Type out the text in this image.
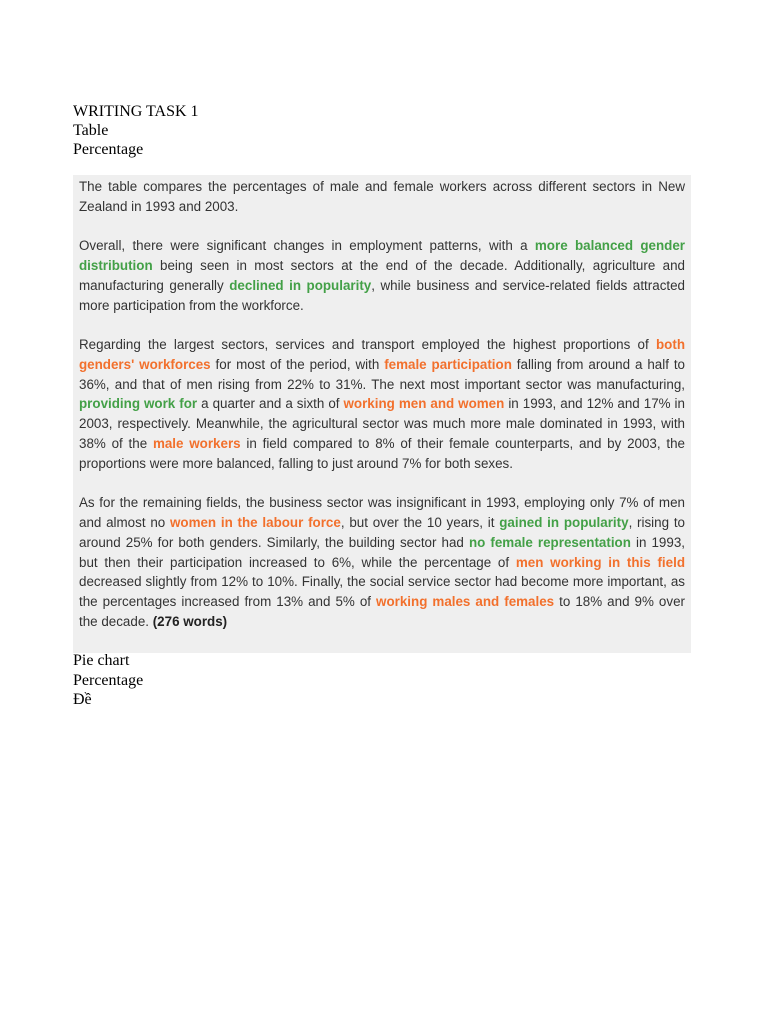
WRITING TASK 1
Table
Percentage

The table compares the percentages of male and female workers across different sectors in New Zealand in 1993 and 2003.

Overall, there were significant changes in employment patterns, with a more balanced gender distribution being seen in most sectors at the end of the decade. Additionally, agriculture and manufacturing generally declined in popularity, while business and service-related fields attracted more participation from the workforce.

Regarding the largest sectors, services and transport employed the highest proportions of both genders' workforces for most of the period, with female participation falling from around a half to 36%, and that of men rising from 22% to 31%. The next most important sector was manufacturing, providing work for a quarter and a sixth of working men and women in 1993, and 12% and 17% in 2003, respectively. Meanwhile, the agricultural sector was much more male dominated in 1993, with 38% of the male workers in field compared to 8% of their female counterparts, and by 2003, the proportions were more balanced, falling to just around 7% for both sexes.

As for the remaining fields, the business sector was insignificant in 1993, employing only 7% of men and almost no women in the labour force, but over the 10 years, it gained in popularity, rising to around 25% for both genders. Similarly, the building sector had no female representation in 1993, but then their participation increased to 6%, while the percentage of men working in this field decreased slightly from 12% to 10%. Finally, the social service sector had become more important, as the percentages increased from 13% and 5% of working males and females to 18% and 9% over the decade. (276 words)

Pie chart
Percentage
Đề
